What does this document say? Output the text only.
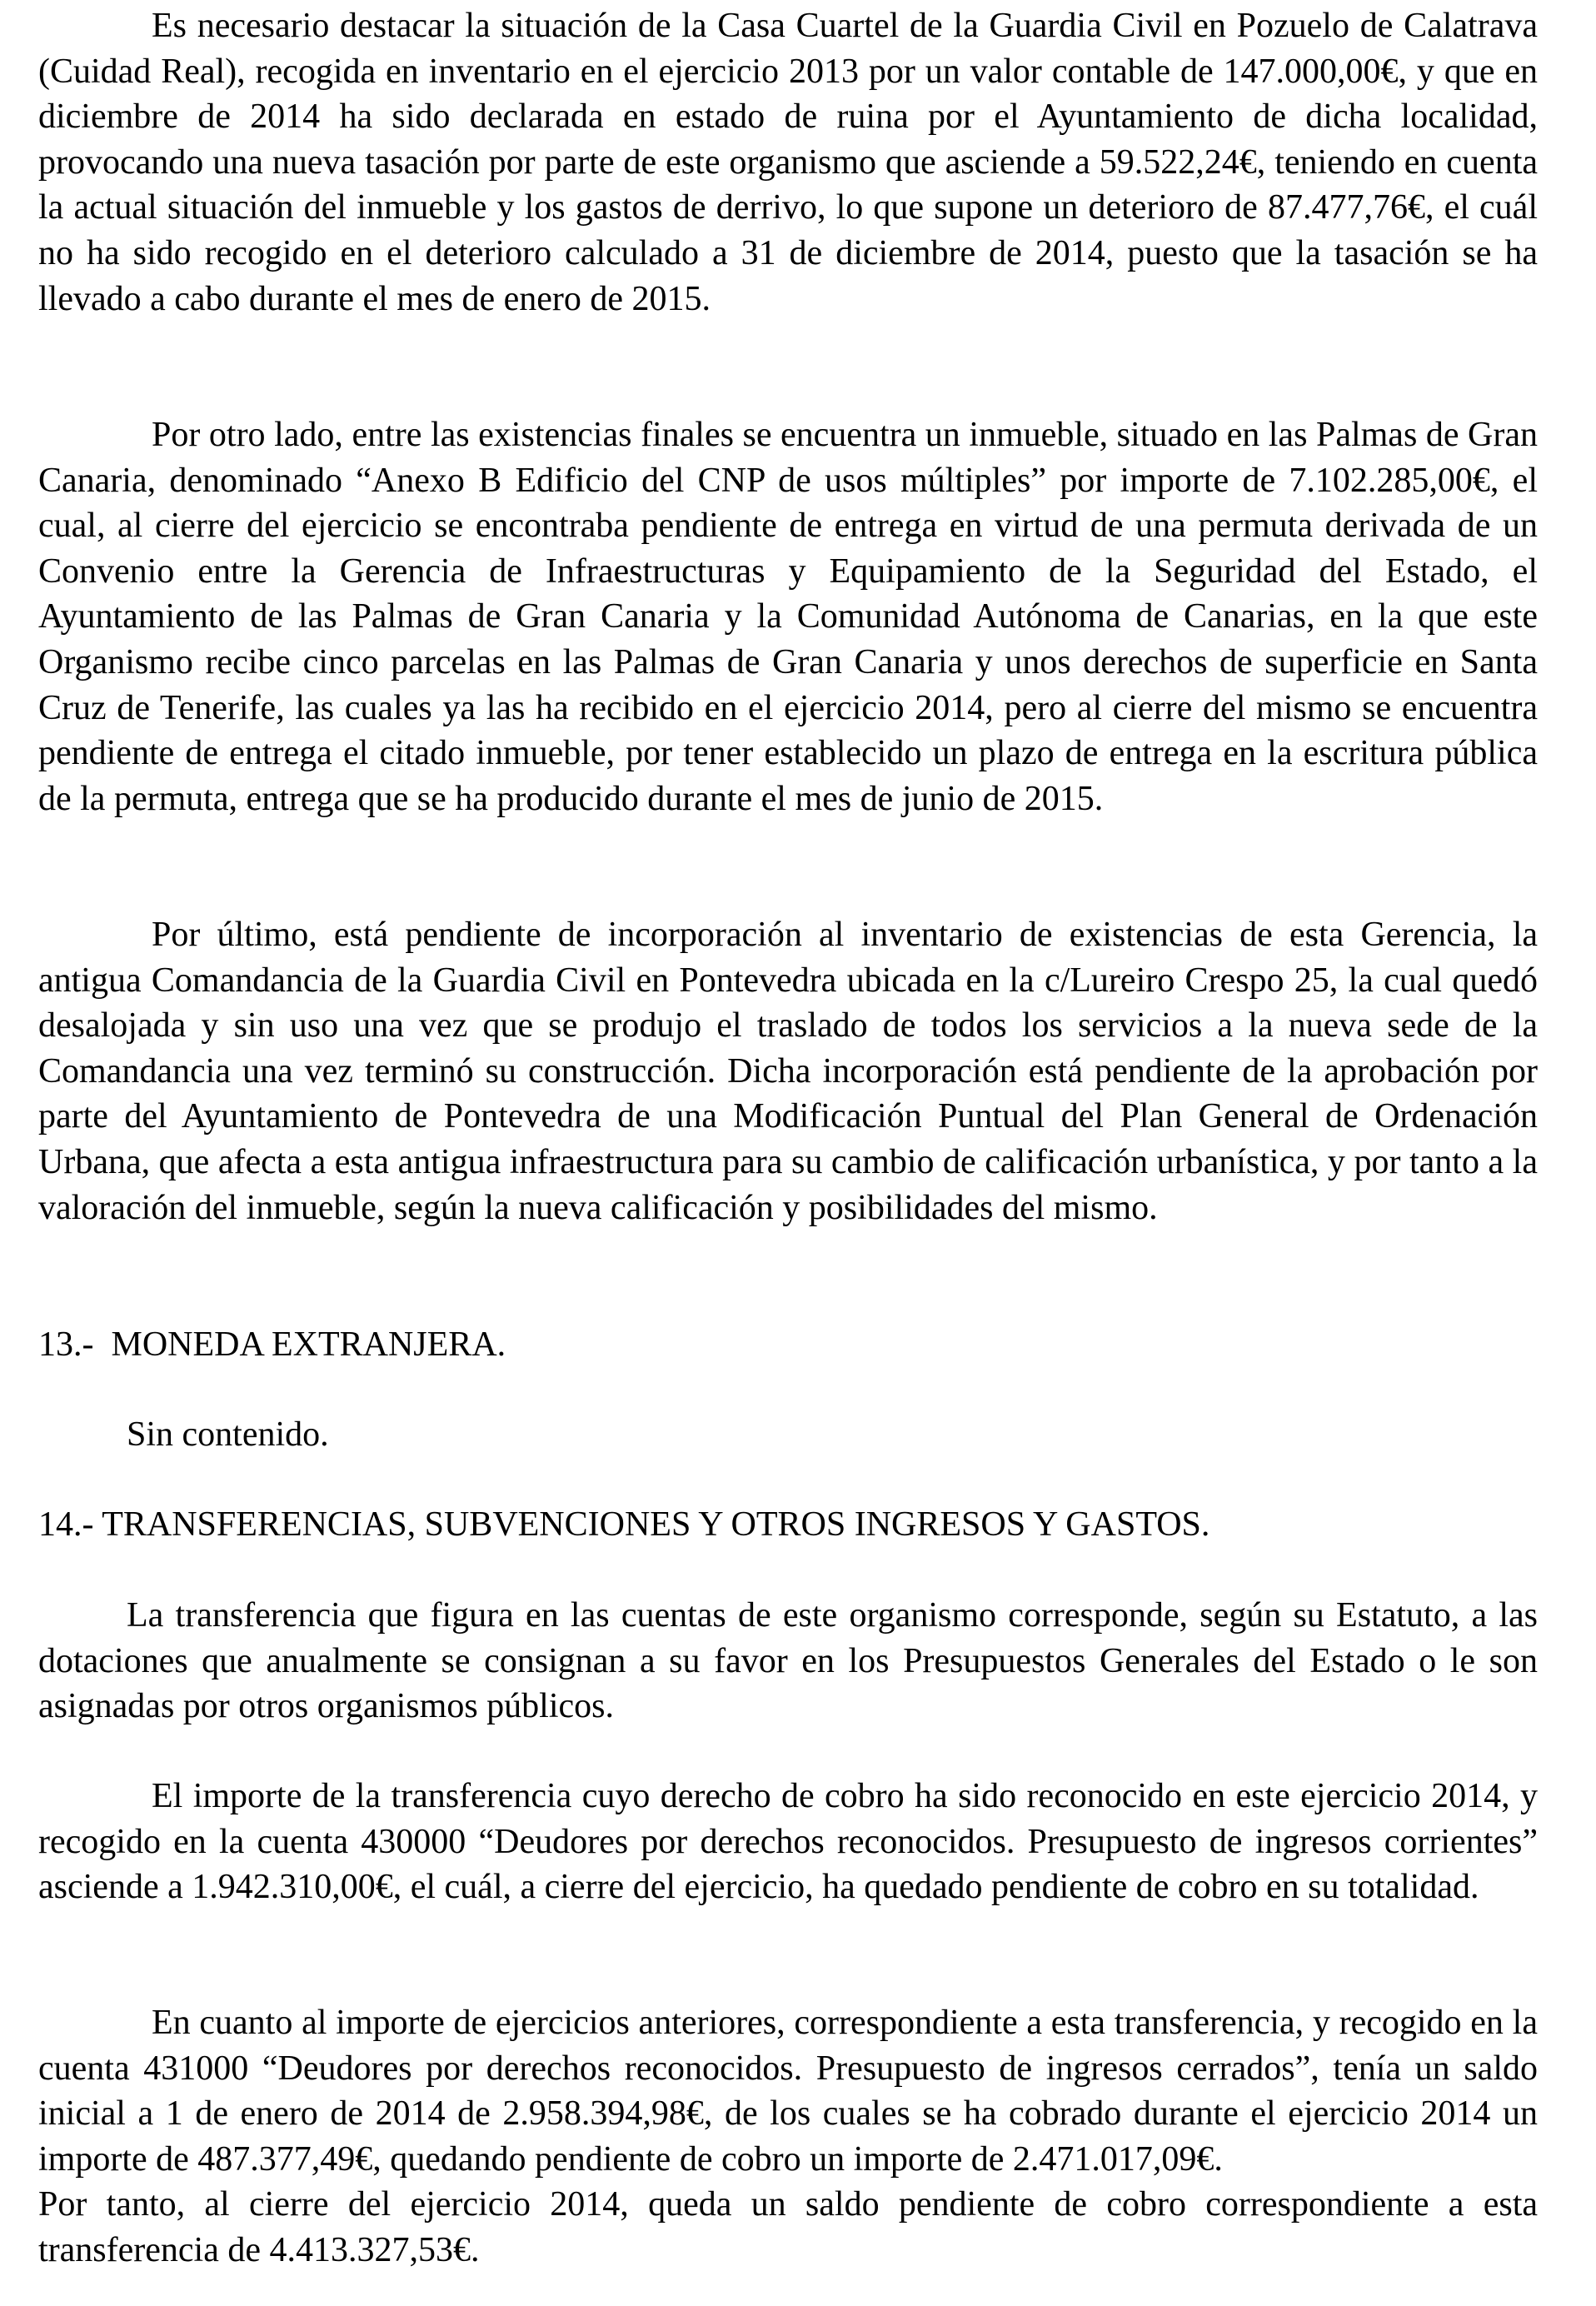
Es necesario destacar la situación de la Casa Cuartel de la Guardia Civil en Pozuelo de Calatrava (Cuidad Real), recogida en inventario en el ejercicio 2013 por un valor contable de 147.000,00€, y que en diciembre de 2014 ha sido declarada en estado de ruina por el Ayuntamiento de dicha localidad, provocando una nueva tasación por parte de este organismo que asciende a 59.522,24€, teniendo en cuenta la actual situación del inmueble y los gastos de derrivo, lo que supone un deterioro de 87.477,76€, el cuál no ha sido recogido en el deterioro calculado a 31 de diciembre de 2014, puesto que la tasación se ha llevado a cabo durante el mes de enero de 2015.

Por otro lado, entre las existencias finales se encuentra un inmueble, situado en las Palmas de Gran Canaria, denominado “Anexo B Edificio del CNP de usos múltiples” por importe de 7.102.285,00€, el cual, al cierre del ejercicio se encontraba pendiente de entrega en virtud de una permuta derivada de un Convenio entre la Gerencia de Infraestructuras y Equipamiento de la Seguridad del Estado, el Ayuntamiento de las Palmas de Gran Canaria y la Comunidad Autónoma de Canarias, en la que este Organismo recibe cinco parcelas en las Palmas de Gran Canaria y unos derechos de superficie en Santa Cruz de Tenerife, las cuales ya las ha recibido en el ejercicio 2014, pero al cierre del mismo se encuentra pendiente de entrega el citado inmueble, por tener establecido un plazo de entrega en la escritura pública de la permuta, entrega que se ha producido durante el mes de junio de 2015.

Por último, está pendiente de incorporación al inventario de existencias de esta Gerencia, la antigua Comandancia de la Guardia Civil en Pontevedra ubicada en la c/Lureiro Crespo 25, la cual quedó desalojada y sin uso una vez que se produjo el traslado de todos los servicios a la nueva sede de la Comandancia una vez terminó su construcción. Dicha incorporación está pendiente de la aprobación por parte del Ayuntamiento de Pontevedra de una Modificación Puntual del Plan General de Ordenación Urbana, que afecta a esta antigua infraestructura para su cambio de calificación urbanística, y por tanto a la valoración del inmueble, según la nueva calificación y posibilidades del mismo.

13.-  MONEDA EXTRANJERA.

Sin contenido.

14.- TRANSFERENCIAS, SUBVENCIONES Y OTROS INGRESOS Y GASTOS.

La transferencia que figura en las cuentas de este organismo corresponde, según su Estatuto, a las dotaciones que anualmente se consignan a su favor en los Presupuestos Generales del Estado o le son asignadas por otros organismos públicos.

El importe de la transferencia cuyo derecho de cobro ha sido reconocido en este ejercicio 2014, y recogido en la cuenta 430000 “Deudores por derechos reconocidos. Presupuesto de ingresos corrientes” asciende a 1.942.310,00€, el cuál, a cierre del ejercicio, ha quedado pendiente de cobro en su totalidad.

En cuanto al importe de ejercicios anteriores, correspondiente a esta transferencia, y recogido en la cuenta 431000 “Deudores por derechos reconocidos. Presupuesto de ingresos cerrados”, tenía un saldo inicial a 1 de enero de 2014 de 2.958.394,98€, de los cuales se ha cobrado durante el ejercicio 2014 un importe de 487.377,49€, quedando pendiente de cobro un importe de 2.471.017,09€.

Por tanto, al cierre del ejercicio 2014, queda un saldo pendiente de cobro correspondiente a esta transferencia de 4.413.327,53€.
